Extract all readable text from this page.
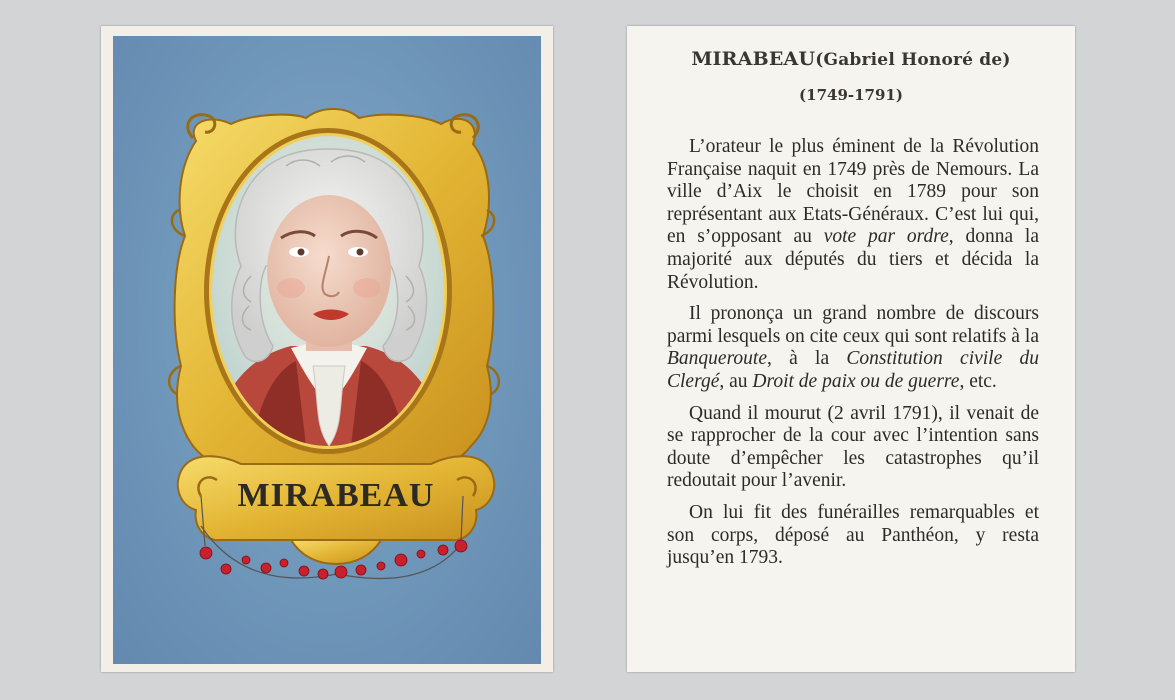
MIRABEAU
MIRABEAU(Gabriel Honoré de)
(1749-1791)

L’orateur le plus éminent de la Révolution Française naquit en 1749 près de Nemours. La ville d’Aix le choisit en 1789 pour son représentant aux Etats-Généraux. C’est lui qui, en s’opposant au vote par ordre, donna la majorité aux députés du tiers et décida la Révolution.

Il prononça un grand nombre de discours parmi lesquels on cite ceux qui sont relatifs à la Banqueroute, à la Constitution civile du Clergé, au Droit de paix ou de guerre, etc.

Quand il mourut (2 avril 1791), il venait de se rapprocher de la cour avec l’intention sans doute d’empêcher les catastrophes qu’il redoutait pour l’avenir.

On lui fit des funérailles remarquables et son corps, déposé au Panthéon, y resta jusqu’en 1793.
